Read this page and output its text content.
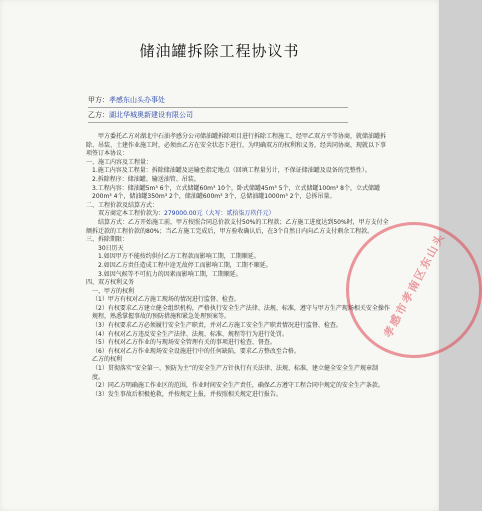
储油罐拆除工程协议书
甲方：孝感东山头办事处
乙方：湖北华城奥新建设有限公司
孝感市孝南区东山头

甲方委托乙方对湖北中石油孝感分公司储油罐拆除项目进行拆除工程施工，经甲乙双方平等协商，就储油罐拆除、吊装、土建作业施工时，必须由乙方在安全状态下进行，为明确双方的权利和义务，经共同协商，现就以下事项签订本协议：

一、施工内容及工程量：

1.施工内容及工程量：拆除储油罐及运输至指定地点（回填工程量另计，不保证储油罐及设备的完整性）。

2.拆除程序：储油罐、输送油管、吊装。

3.工程内容：储油罐5m³ 6个，立式储罐60m³ 10个，卧式储罐45m³ 5个，立式储罐100m³ 8个，立式储罐200m³ 4个，储油罐350m³ 2个，储油罐600m³ 3个，总储油罐1000m³ 2个，总拆吊量。

二、工程价款及结算方式：

双方商定本工程价款为：279000.00元（大写：贰拾柒万玖仟元）

结算方式：乙方开始施工前，甲方按照合同总价款支付50%的工程款；乙方施工进度达到50%时，甲方支付全额拆迁款的工程价款的80%；当乙方施工完成后，甲方验收确认后，在3个自然日内向乙方支付剩余工程款。

三、拆除期限：

30日历天

1.如因甲方不能按约供付乙方工程款而影响工期，工期顺延。

2.如因乙方责任造成工程中途无故停工而影响工期，工期不顺延。

3.如因气候等不可抗力的因素而影响工期，工期顺延。

四、双方权利义务

一、甲方的权利

（1）甲方有权对乙方施工现场的情况进行监督、检查。

（2）有权要求乙方建立健全组织机构，严格执行安全生产法律、法规、标准，遵守与甲方生产现场相关安全操作规程，熟悉掌握事故的预防措施和紧急处理预案等。

（3）有权要求乙方必须履行安全生产职责，并对乙方施工安全生产职责情况进行监督、检查。

（4）有权对乙方违反安全生产法律、法规、标准、规程等行为进行处罚。

（5）有权对乙方作业的与现场安全管理有关的事项进行检查、督查。

（6）有权对乙方作业现场安全设施进行中的任何缺陷，要求乙方整改至合格。

乙方的权利

（1）贯彻落实“安全第一、预防为主”的安全生产方针执行有关法律、法规、标准，建立健全安全生产规章制度。

（2）同乙方明确施工作业区的范围，作业时间安全生产责任，确保乙方遵守工程合同中规定的安全生产条款。

（3）发生事故后积极抢救，并按规定上报，并按照相关规定进行报告。
